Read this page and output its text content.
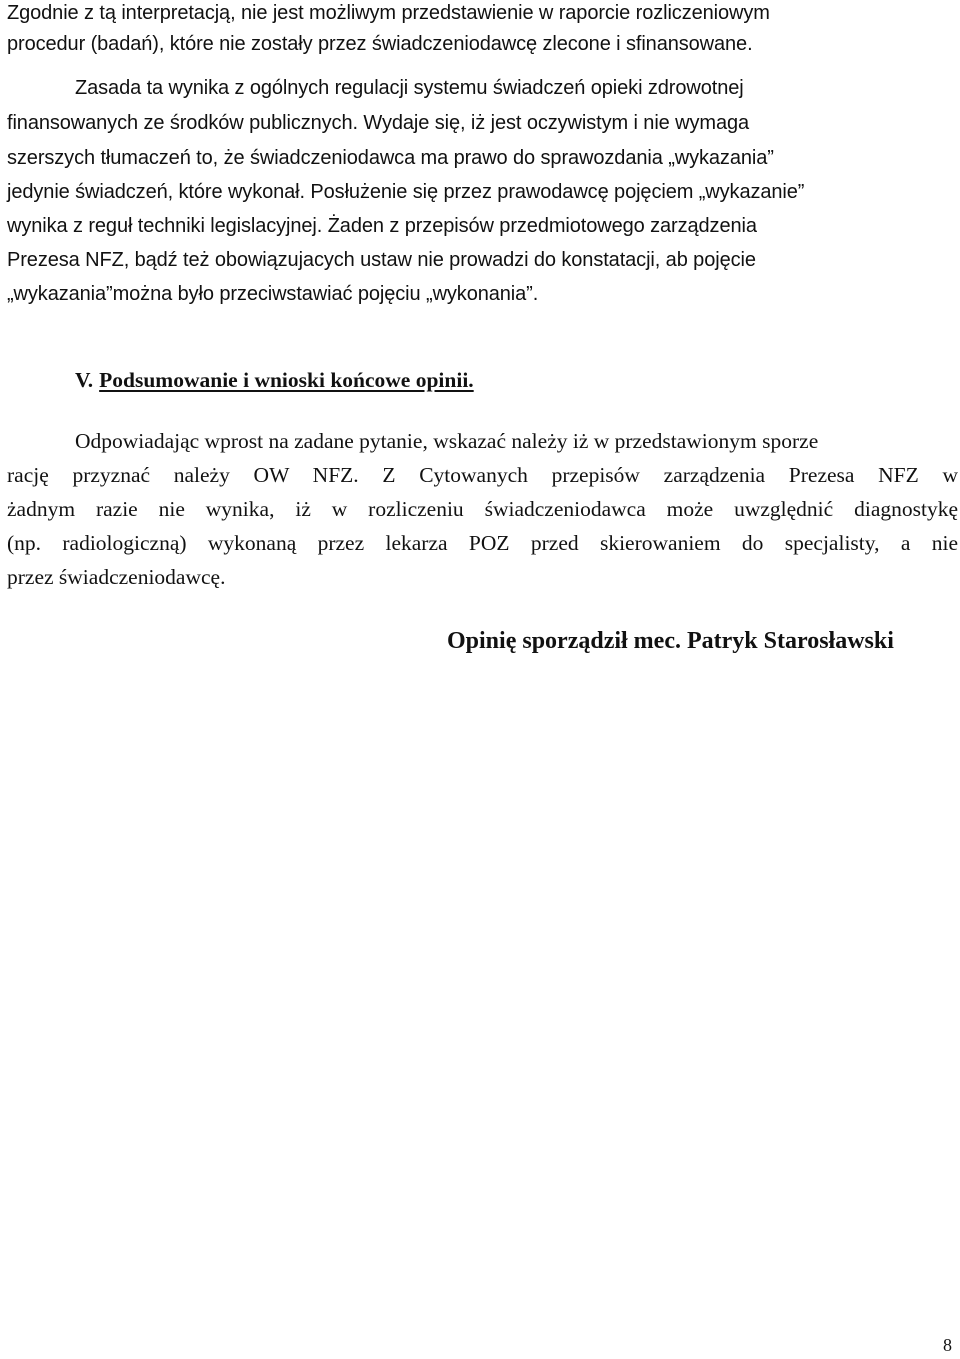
Zgodnie z tą interpretacją, nie jest możliwym przedstawienie w raporcie rozliczeniowym
procedur (badań), które nie zostały przez świadczeniodawcę zlecone i sfinansowane.
Zasada ta wynika z ogólnych regulacji systemu świadczeń opieki zdrowotnej
finansowanych ze środków publicznych. Wydaje się, iż jest oczywistym i nie wymaga
szerszych tłumaczeń to, że świadczeniodawca ma prawo do sprawozdania „wykazania”
jedynie świadczeń, które wykonał. Posłużenie się przez prawodawcę pojęciem „wykazanie”
wynika z reguł techniki legislacyjnej. Żaden z przepisów przedmiotowego zarządzenia
Prezesa NFZ, bądź też obowiązujacych ustaw nie prowadzi do konstatacji, ab pojęcie
„wykazania”można było przeciwstawiać pojęciu „wykonania”.
V. Podsumowanie i wnioski końcowe opinii.
Odpowiadając wprost na zadane pytanie, wskazać należy iż w przedstawionym sporze
rację przyznać należy OW NFZ. Z Cytowanych przepisów zarządzenia Prezesa NFZ w
żadnym razie nie wynika, iż w rozliczeniu świadczeniodawca może uwzględnić diagnostykę
(np. radiologiczną) wykonaną przez lekarza POZ przed skierowaniem do specjalisty, a nie
przez świadczeniodawcę.
Opinię sporządził mec. Patryk Starosławski
8
